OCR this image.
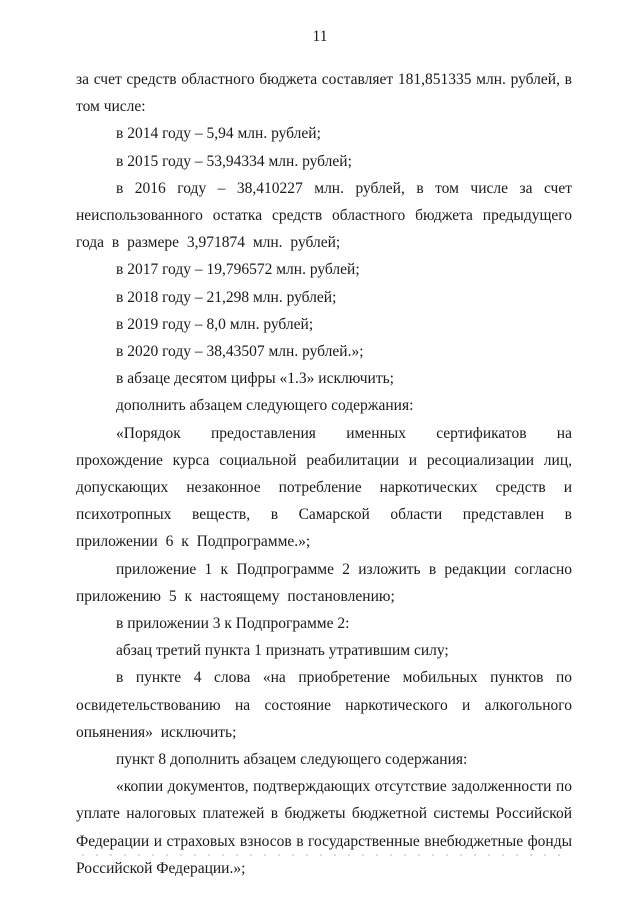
11

за счет средств областного бюджета составляет 181,851335 млн. рублей, в том числе:

в 2014 году – 5,94 млн. рублей;

в 2015 году – 53,94334 млн. рублей;

в 2016 году – 38,410227 млн. рублей, в том числе за счет неиспользованного остатка средств областного бюджета предыдущего года в размере 3,971874 млн. рублей;

в 2017 году – 19,796572 млн. рублей;

в 2018 году – 21,298 млн. рублей;

в 2019 году – 8,0 млн. рублей;

в 2020 году – 38,43507 млн. рублей.»;

в абзаце десятом цифры «1.3» исключить;

дополнить абзацем следующего содержания:

«Порядок предоставления именных сертификатов на прохождение курса социальной реабилитации и ресоциализации лиц, допускающих незаконное потребление наркотических средств и психотропных веществ, в Самарской области представлен в приложении 6 к Подпрограмме.»;

приложение 1 к Подпрограмме 2 изложить в редакции согласно приложению 5 к настоящему постановлению;

в приложении 3 к Подпрограмме 2:

абзац третий пункта 1 признать утратившим силу;

в пункте 4 слова «на приобретение мобильных пунктов по освидетельствованию на состояние наркотического и алкогольного опьянения» исключить;

пункт 8 дополнить абзацем следующего содержания:

«копии документов, подтверждающих отсутствие задолженности по уплате налоговых платежей в бюджеты бюджетной системы Российской Федерации и страховых взносов в государственные внебюджетные фонды Российской Федерации.»;
